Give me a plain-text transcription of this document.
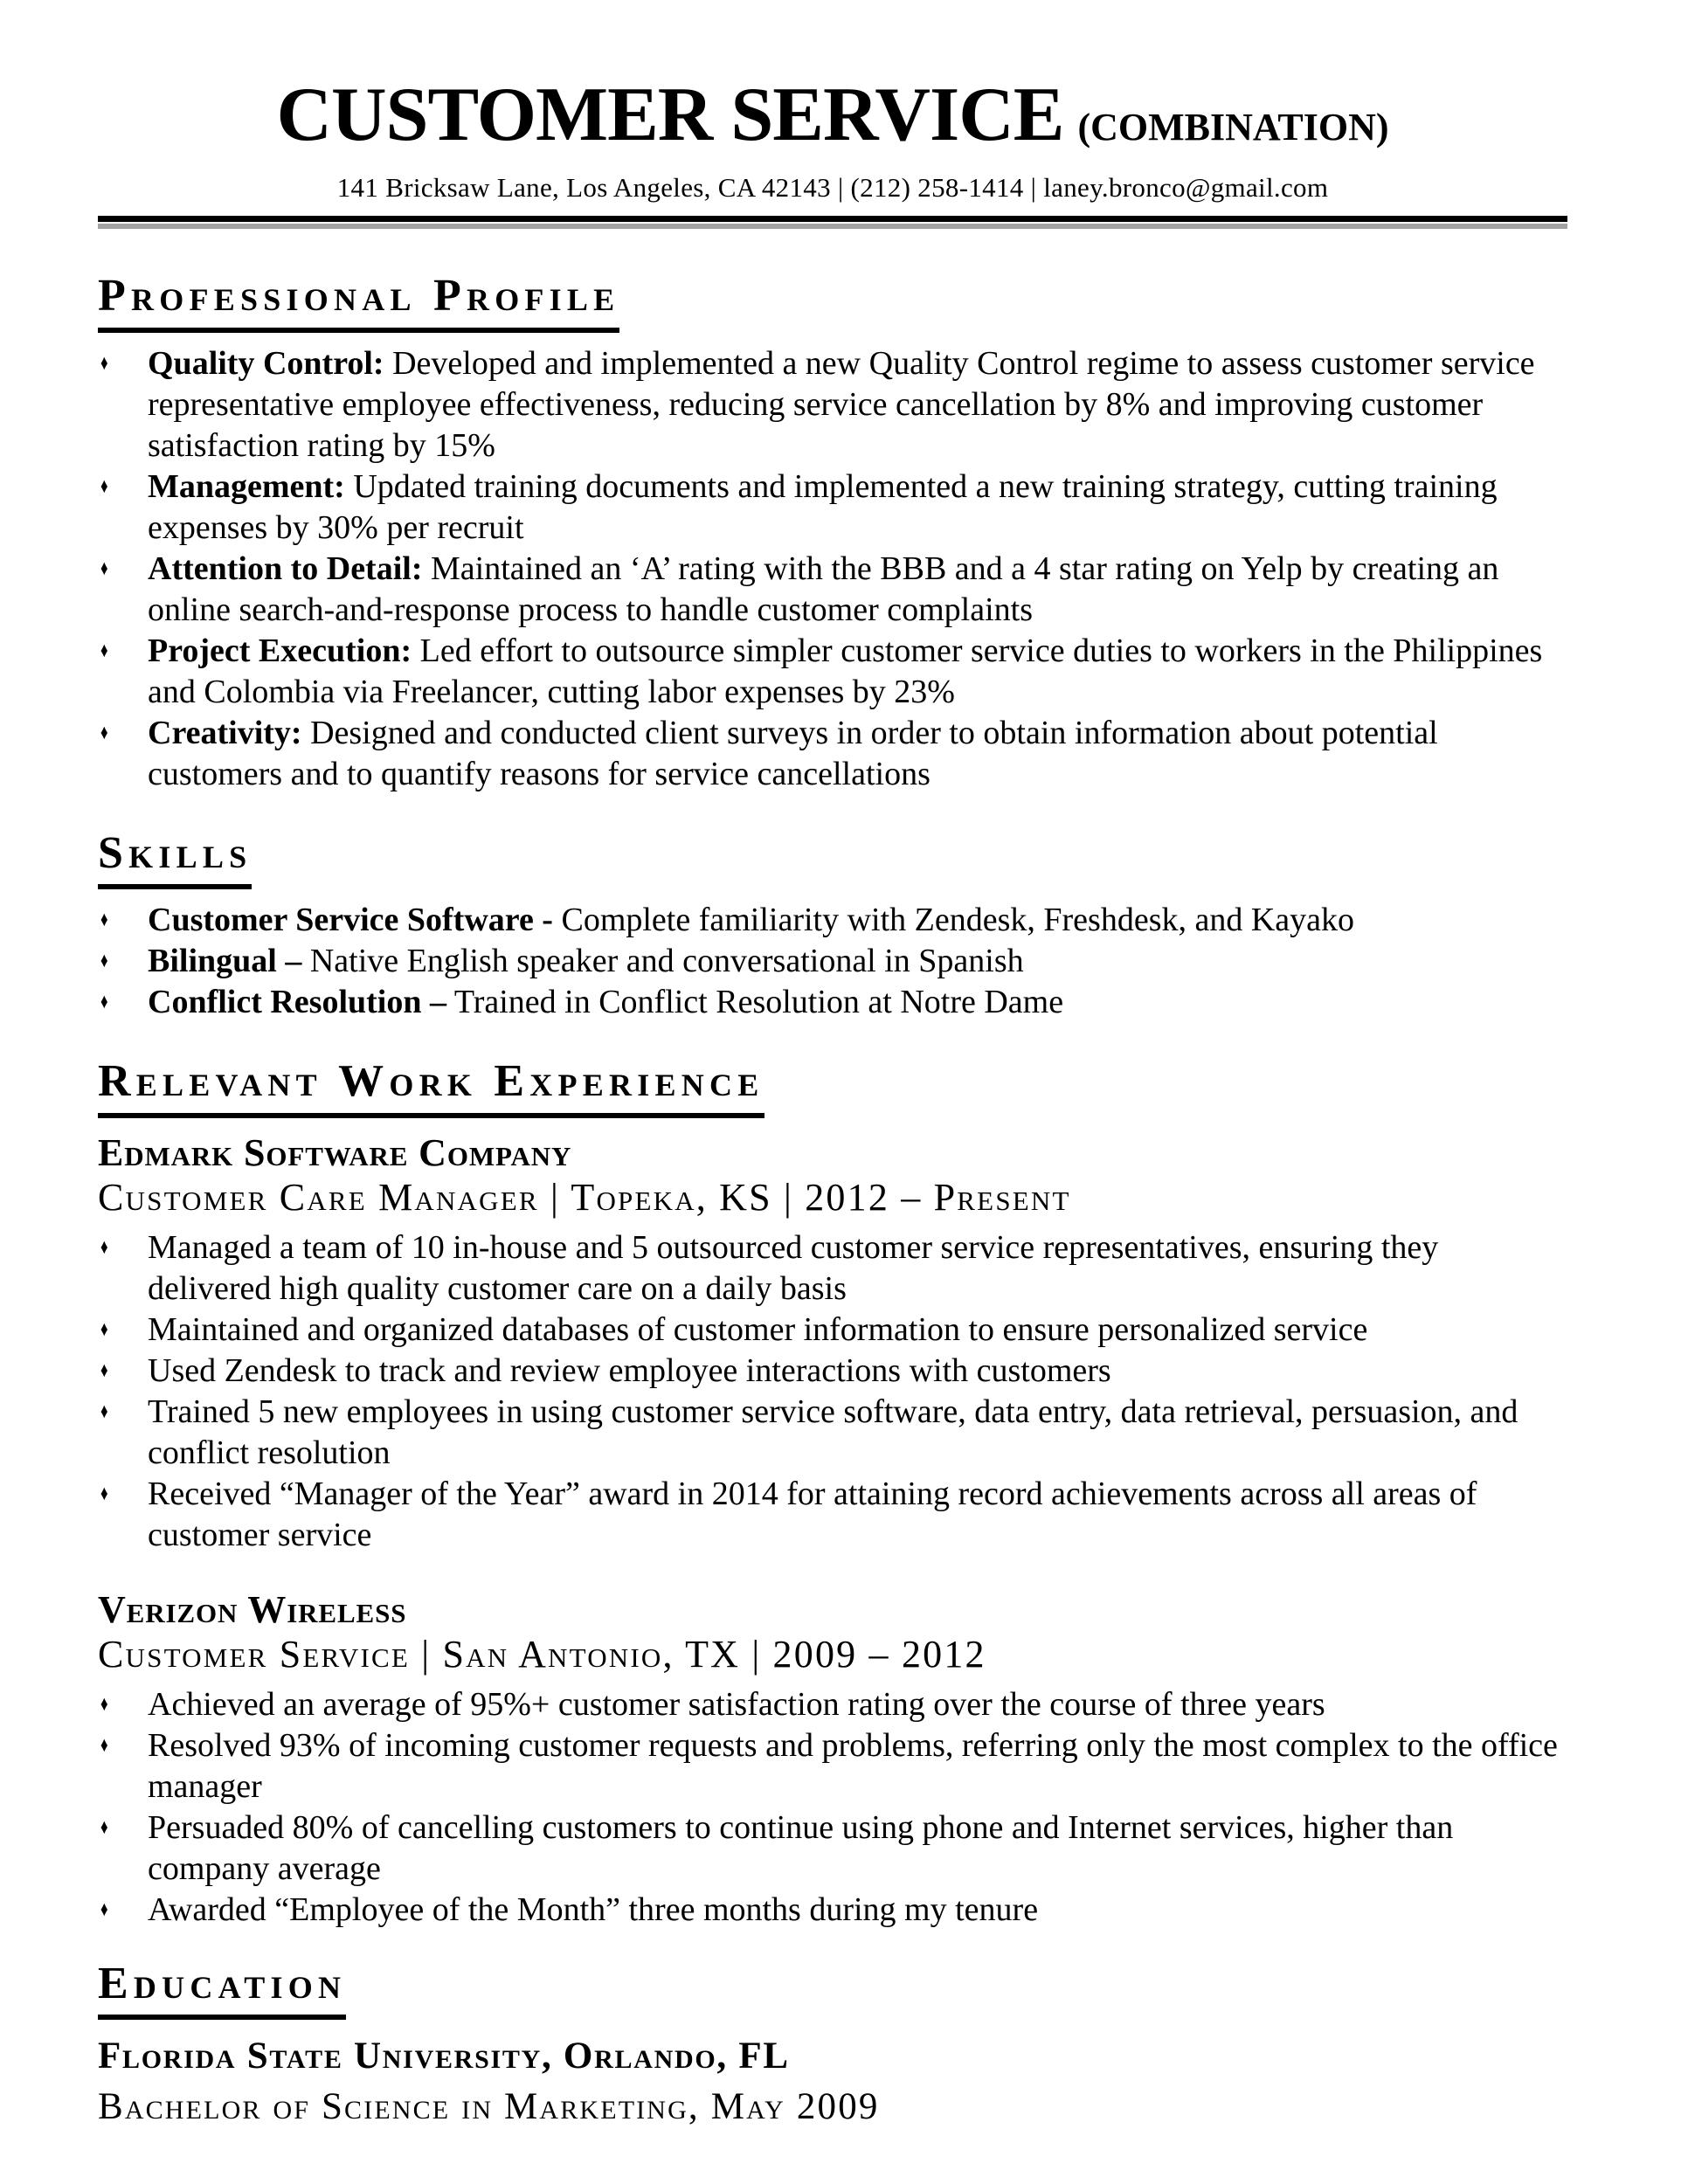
CUSTOMER SERVICE (COMBINATION)
141 Bricksaw Lane, Los Angeles, CA 42143 | (212) 258-1414 | laney.bronco@gmail.com
Professional Profile
♦ Quality Control: Developed and implemented a new Quality Control regime to assess customer service representative employee effectiveness, reducing service cancellation by 8% and improving customer satisfaction rating by 15%
♦ Management: Updated training documents and implemented a new training strategy, cutting training expenses by 30% per recruit
♦ Attention to Detail: Maintained an ‘A’ rating with the BBB and a 4 star rating on Yelp by creating an online search-and-response process to handle customer complaints
♦ Project Execution: Led effort to outsource simpler customer service duties to workers in the Philippines and Colombia via Freelancer, cutting labor expenses by 23%
♦ Creativity: Designed and conducted client surveys in order to obtain information about potential customers and to quantify reasons for service cancellations
Skills
♦ Customer Service Software - Complete familiarity with Zendesk, Freshdesk, and Kayako
♦ Bilingual – Native English speaker and conversational in Spanish
♦ Conflict Resolution – Trained in Conflict Resolution at Notre Dame
Relevant Work Experience
Edmark Software Company
Customer Care Manager | Topeka, KS | 2012 – Present
♦ Managed a team of 10 in-house and 5 outsourced customer service representatives, ensuring they delivered high quality customer care on a daily basis
♦ Maintained and organized databases of customer information to ensure personalized service
♦ Used Zendesk to track and review employee interactions with customers
♦ Trained 5 new employees in using customer service software, data entry, data retrieval, persuasion, and conflict resolution
♦ Received “Manager of the Year” award in 2014 for attaining record achievements across all areas of customer service
Verizon Wireless
Customer Service | San Antonio, TX | 2009 – 2012
♦ Achieved an average of 95%+ customer satisfaction rating over the course of three years
♦ Resolved 93% of incoming customer requests and problems, referring only the most complex to the office manager
♦ Persuaded 80% of cancelling customers to continue using phone and Internet services, higher than company average
♦ Awarded “Employee of the Month” three months during my tenure
Education
Florida State University, Orlando, FL
Bachelor of Science in Marketing, May 2009
